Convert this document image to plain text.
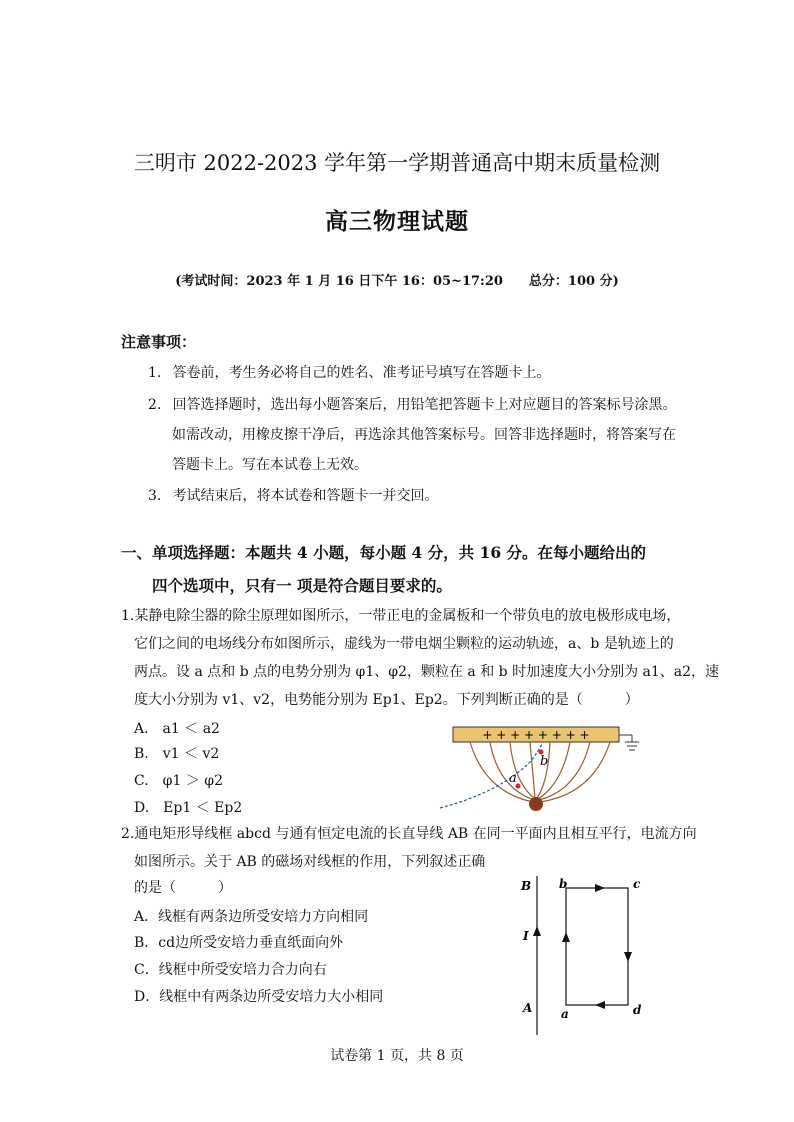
三明市 2022-2023 学年第一学期普通高中期末质量检测
高三物理试题
(考试时间：2023 年 1 月 16 日下午 16：05~17:20　　总分：100 分)
注意事项：
1. 答卷前，考生务必将自己的姓名、准考证号填写在答题卡上。
2. 回答选择题时，选出每小题答案后，用铅笔把答题卡上对应题目的答案标号涂黑。
如需改动，用橡皮擦干净后，再选涂其他答案标号。回答非选择题时，将答案写在
答题卡上。写在本试卷上无效。
3. 考试结束后，将本试卷和答题卡一并交回。
一、单项选择题：本题共 4 小题，每小题 4 分，共 16 分。在每小题给出的
四个选项中，只有一 项是符合题目要求的。
1.某静电除尘器的除尘原理如图所示，一带正电的金属板和一个带负电的放电极形成电场，
它们之间的电场线分布如图所示，虚线为一带电烟尘颗粒的运动轨迹，a、b 是轨迹上的
两点。设 a 点和 b 点的电势分别为 φ1、φ2，颗粒在 a 和 b 时加速度大小分别为 a1、a2，速
度大小分别为 v1、v2，电势能分别为 Ep1、Ep2。下列判断正确的是（　　　）
A.　a1 ＜ a2
B.　v1 ＜ v2
C.　φ1 ＞ φ2
D.　Ep1 ＜ Ep2
+ + + + + + + +
a
b
2.通电矩形导线框 abcd 与通有恒定电流的长直导线 AB 在同一平面内且相互平行，电流方向
如图所示。关于 AB 的磁场对线框的作用，下列叙述正确
的是（　　　）
A．线框有两条边所受安培力方向相同
B．cd边所受安培力垂直纸面向外
C．线框中所受安培力合力向右
D．线框中有两条边所受安培力大小相同
B
I
A
b	c
a	d
试卷第 1 页，共 8 页
